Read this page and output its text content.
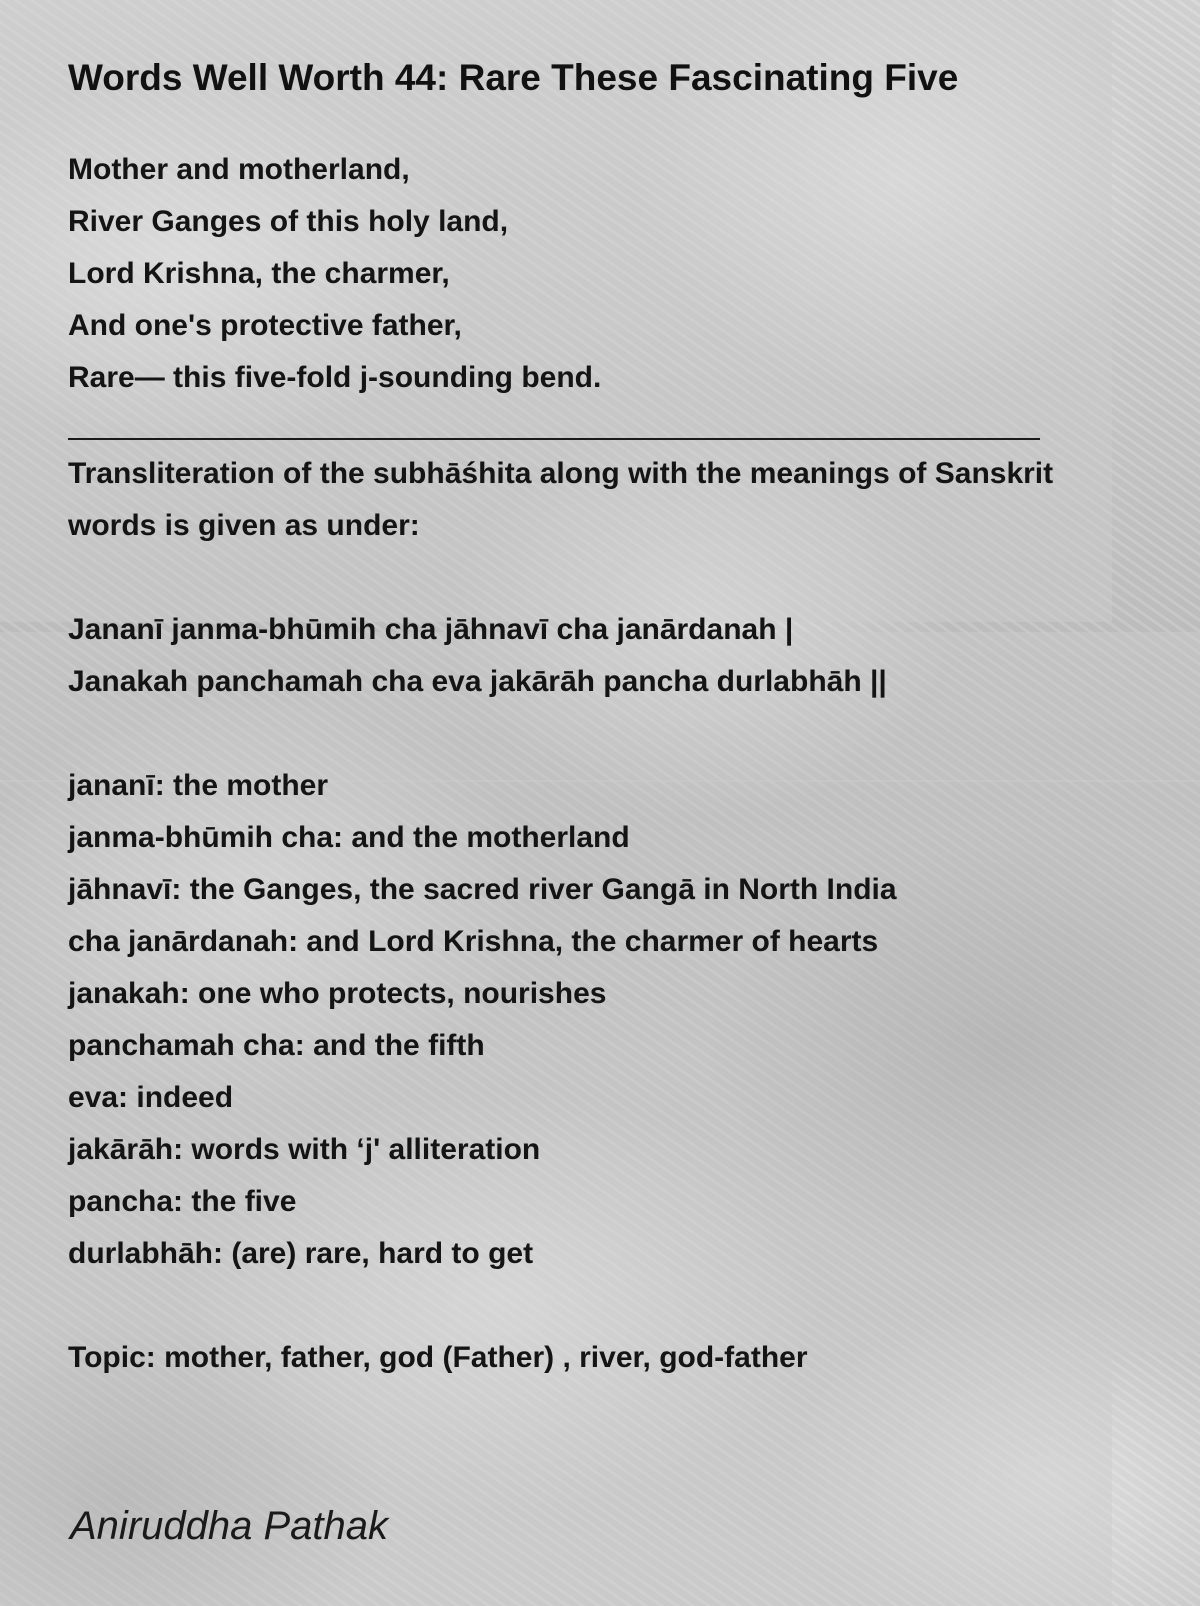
Words Well Worth 44: Rare These Fascinating Five
Mother and motherland,
River Ganges of this holy land,
Lord Krishna, the charmer,
And one's protective father,
Rare— this five-fold j-sounding bend.
Transliteration of the subhāśhita along with the meanings of Sanskrit words is given as under:
Jananī janma-bhūmih cha jāhnavī cha janārdanah |
Janakah panchamah cha eva jakārāh pancha durlabhāh ||
jananī: the mother
janma-bhūmih cha: and the motherland
jāhnavī: the Ganges, the sacred river Gangā in North India
cha janārdanah: and Lord Krishna, the charmer of hearts
janakah: one who protects, nourishes
panchamah cha: and the fifth
eva: indeed
jakārāh: words with ‘j' alliteration
pancha: the five
durlabhāh: (are) rare, hard to get
Topic: mother, father, god (Father) , river, god-father
Aniruddha Pathak
